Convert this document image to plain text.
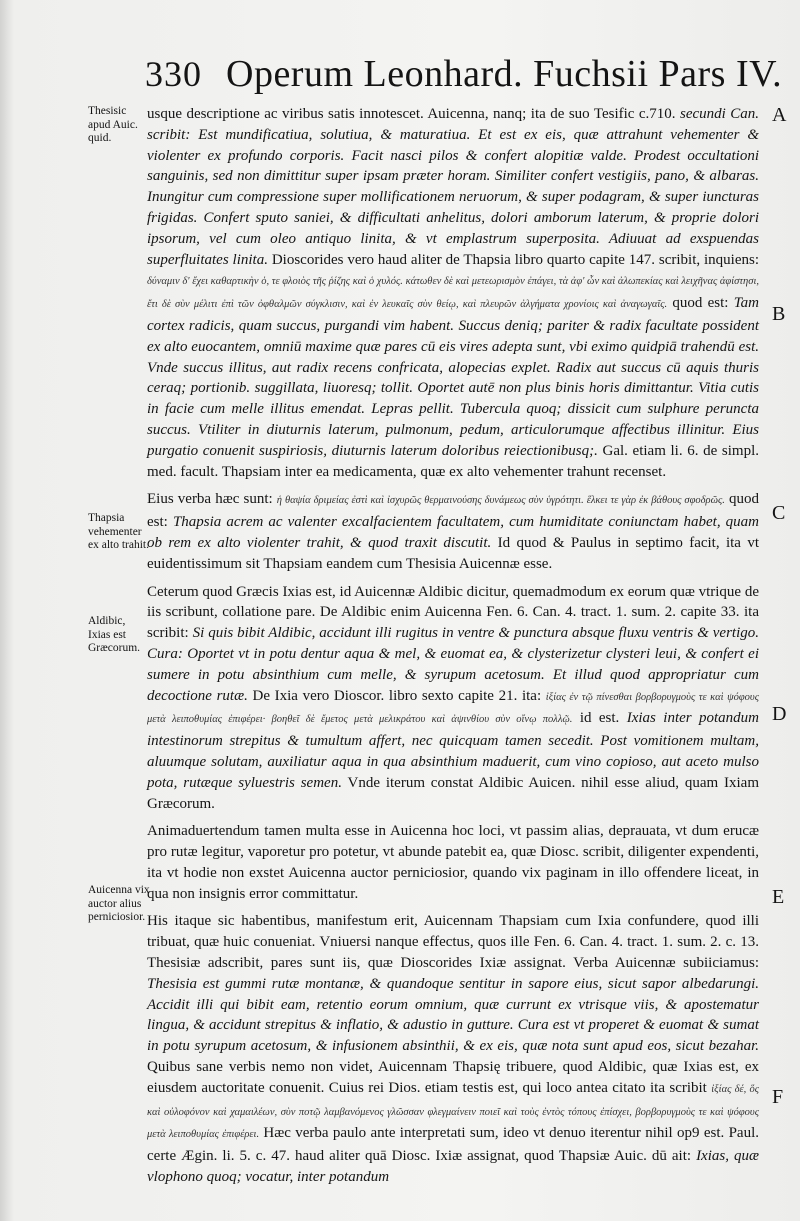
330 Operum Leonhard. Fuchsii Pars IV.
Thesisic apud Auic. quid.
Thapsia vehementer ex alto trahit.
Aldibic, Ixias est Græcorum.
Auicenna vix auctor alius perniciosior.
A
B
C
D
E
F

usque descriptione ac viribus satis innotescet. Auicenna, nanq; ita de suo Tesific c.710. secundi Can. scribit: Est mundificatiua, solutiua, & maturatiua. Et est ex eis, quæ attrahunt vehementer & violenter ex profundo corporis. Facit nasci pilos & confert alopitiæ valde. Prodest occultationi sanguinis, sed non dimittitur super ipsam præter horam. Similiter confert vestigiis, pano, & albaras. Inungitur cum compressione super mollificationem neruorum, & super podagram, & super iuncturas frigidas. Confert sputo saniei, & difficultati anhelitus, dolori amborum laterum, & proprie dolori ipsorum, vel cum oleo antiquo linita, & vt emplastrum superposita. Adiuuat ad exspuendas superfluitates linita. Dioscorides vero haud aliter de Thapsia libro quarto capite 147. scribit, inquiens: δύναμιν δ' ἔχει καθαρτικὴν ὁ, τε φλοιὸς τῆς ῥίζης καὶ ὁ χυλός. κάτωθεν δὲ καὶ μετεωρισμὸν ἐπάγει, τὰ ἀφ' ὧν καὶ ἀλωπεκίας καὶ λειχῆνας ἀφίστησι, ἔτι δὲ σὺν μέλιτι ἐπὶ τῶν ὀφθαλμῶν σύγκλισιν, καὶ ἐν λευκαῖς σὺν θείῳ, καὶ πλευρῶν ἀλγήματα χρονίοις καὶ ἀναγωγαῖς. quod est: Tam cortex radicis, quam succus, purgandi vim habent. Succus deniq; pariter & radix facultate possident ex alto euocantem, omniū maxime quæ pares cū eis vires adepta sunt, vbi eximo quidpiā trahendū est. Vnde succus illitus, aut radix recens confricata, alopecias explet. Radix aut succus cū aquis thuris ceraq; portionib. suggillata, liuoresq; tollit. Oportet autē non plus binis horis dimittantur. Vitia cutis in facie cum melle illitus emendat. Lepras pellit. Tubercula quoq; dissicit cum sulphure peruncta succus. Vtiliter in diuturnis laterum, pulmonum, pedum, articulorumque affectibus illinitur. Eius purgatio conuenit suspiriosis, diuturnis laterum doloribus reiectionibusq;. Gal. etiam li. 6. de simpl. med. facult. Thapsiam inter ea medicamenta, quæ ex alto vehementer trahunt recenset.

Eius verba hæc sunt: ἡ θαψία δριμείας ἐστὶ καὶ ἰσχυρῶς θερμαινούσης δυνάμεως σὺν ὑγρότητι. ἕλκει τε γὰρ ἐκ βάθους σφοδρῶς. quod est: Thapsia acrem ac valenter excalfacientem facultatem, cum humiditate coniunctam habet, quam ob rem ex alto violenter trahit, & quod traxit discutit. Id quod & Paulus in septimo facit, ita vt euidentissimum sit Thapsiam eandem cum Thesisia Auicennæ esse.

Ceterum quod Græcis Ixias est, id Auicennæ Aldibic dicitur, quemadmodum ex eorum quæ vtrique de iis scribunt, collatione pare. De Aldibic enim Auicenna Fen. 6. Can. 4. tract. 1. sum. 2. capite 33. ita scribit: Si quis bibit Aldibic, accidunt illi rugitus in ventre & punctura absque fluxu ventris & vertigo. Cura: Oportet vt in potu dentur aqua & mel, & euomat ea, & clysterizetur clysteri leui, & confert ei sumere in potu absinthium cum melle, & syrupum acetosum. Et illud quod appropriatur cum decoctione rutæ. De Ixia vero Dioscor. libro sexto capite 21. ita: ἰξίας ἐν τῷ πίνεσθαι βορβορυγμοὺς τε καὶ ψόφους μετὰ λειποθυμίας ἐπιφέρει· βοηθεῖ δὲ ἔμετος μετὰ μελικράτου καὶ ἀψινθίου σὺν οἴνῳ πολλῷ. id est. Ixias inter potandum intestinorum strepitus & tumultum affert, nec quicquam tamen secedit. Post vomitionem multam, aluumque solutam, auxiliatur aqua in qua absinthium maduerit, cum vino copioso, aut aceto mulso pota, rutæque syluestris semen. Vnde iterum constat Aldibic Auicen. nihil esse aliud, quam Ixiam Græcorum.

Animaduertendum tamen multa esse in Auicenna hoc loci, vt passim alias, deprauata, vt dum erucæ pro rutæ legitur, vaporetur pro potetur, vt abunde patebit ea, quæ Diosc. scribit, diligenter expendenti, ita vt hodie non exstet Auicenna auctor perniciosior, quando vix paginam in illo offendere liceat, in qua non insignis error committatur.

His itaque sic habentibus, manifestum erit, Auicennam Thapsiam cum Ixia confundere, quod illi tribuat, quæ huic conueniat. Vniuersi nanque effectus, quos ille Fen. 6. Can. 4. tract. 1. sum. 2. c. 13. Thesisiæ adscribit, pares sunt iis, quæ Dioscorides Ixiæ assignat. Verba Auicennæ subiiciamus: Thesisia est gummi rutæ montanæ, & quandoque sentitur in sapore eius, sicut sapor albedarungi. Accidit illi qui bibit eam, retentio eorum omnium, quæ currunt ex vtrisque viis, & apostematur lingua, & accidunt strepitus & inflatio, & adustio in gutture. Cura est vt properet & euomat & sumat in potu syrupum acetosum, & infusionem absinthii, & ex eis, quæ nota sunt apud eos, sicut bezahar. Quibus sane verbis nemo non videt, Auicennam Thapsię tribuere, quod Aldibic, quæ Ixias est, ex eiusdem auctoritate conuenit. Cuius rei Dios. etiam testis est, qui loco antea citato ita scribit ἰξίας δέ, ὅς καὶ οὐλοφόνον καὶ χαμαιλέων, σὺν ποτῷ λαμβανόμενος γλῶσσαν φλεγμαίνειν ποιεῖ καὶ τοὺς ἐντὸς τόπους ἐπίσχει, βορβορυγμοὺς τε καὶ ψόφους μετὰ λειποθυμίας ἐπιφέρει. Hæc verba paulo ante interpretati sum, ideo vt denuo iterentur nihil op9 est. Paul. certe Ægin. li. 5. c. 47. haud aliter quā Diosc. Ixiæ assignat, quod Thapsiæ Auic. dū ait: Ixias, quæ vlophono quoq; vocatur, inter potandum
